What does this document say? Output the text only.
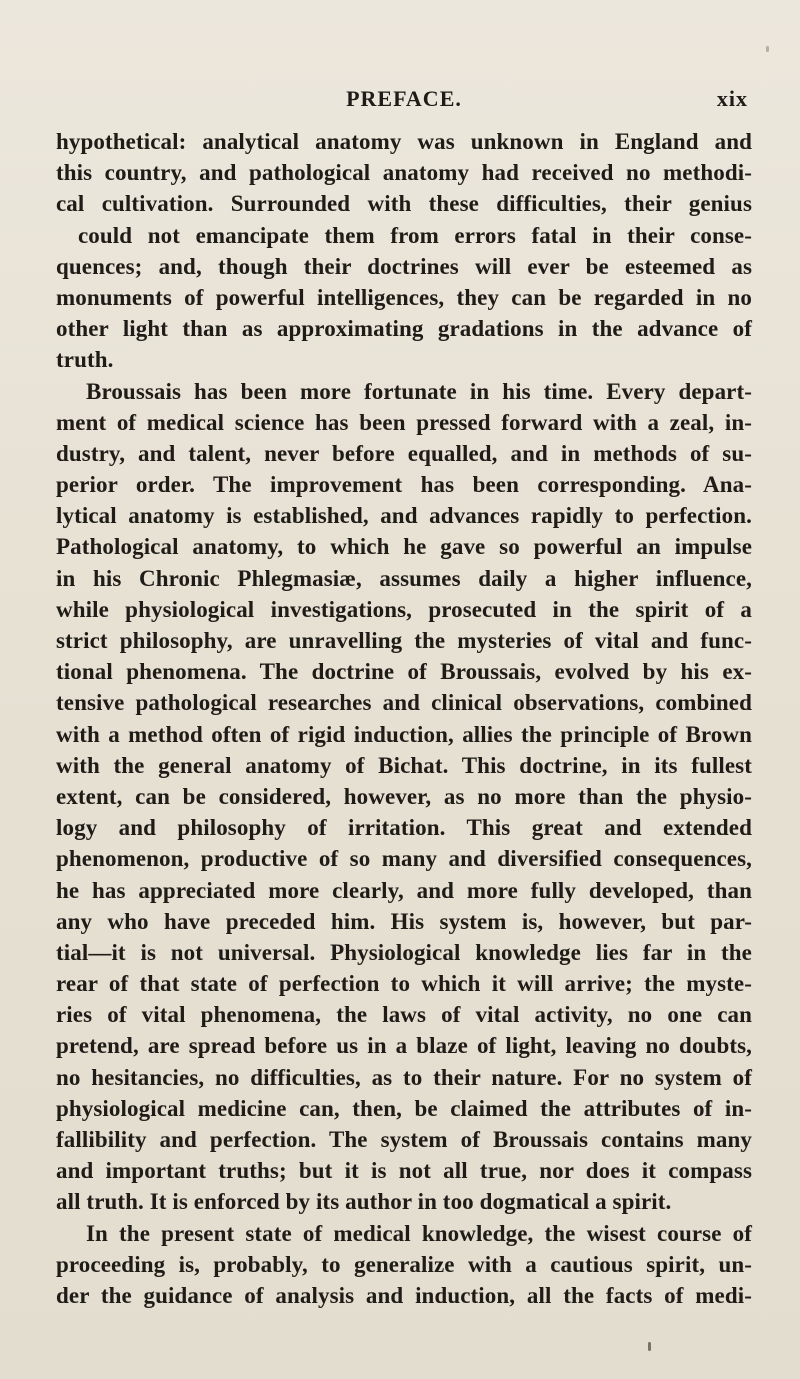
PREFACE.	xix
hypothetical: analytical anatomy was unknown in England and
this country, and pathological anatomy had received no methodi-
cal cultivation. Surrounded with these difficulties, their genius
could not emancipate them from errors fatal in their conse-
quences; and, though their doctrines will ever be esteemed as
monuments of powerful intelligences, they can be regarded in no
other light than as approximating gradations in the advance of
truth.
Broussais has been more fortunate in his time. Every depart-
ment of medical science has been pressed forward with a zeal, in-
dustry, and talent, never before equalled, and in methods of su-
perior order. The improvement has been corresponding. Ana-
lytical anatomy is established, and advances rapidly to perfection.
Pathological anatomy, to which he gave so powerful an impulse
in his Chronic Phlegmasiæ, assumes daily a higher influence,
while physiological investigations, prosecuted in the spirit of a
strict philosophy, are unravelling the mysteries of vital and func-
tional phenomena. The doctrine of Broussais, evolved by his ex-
tensive pathological researches and clinical observations, combined
with a method often of rigid induction, allies the principle of Brown
with the general anatomy of Bichat. This doctrine, in its fullest
extent, can be considered, however, as no more than the physio-
logy and philosophy of irritation. This great and extended
phenomenon, productive of so many and diversified consequences,
he has appreciated more clearly, and more fully developed, than
any who have preceded him. His system is, however, but par-
tial—it is not universal. Physiological knowledge lies far in the
rear of that state of perfection to which it will arrive; the myste-
ries of vital phenomena, the laws of vital activity, no one can
pretend, are spread before us in a blaze of light, leaving no doubts,
no hesitancies, no difficulties, as to their nature. For no system of
physiological medicine can, then, be claimed the attributes of in-
fallibility and perfection. The system of Broussais contains many
and important truths; but it is not all true, nor does it compass
all truth. It is enforced by its author in too dogmatical a spirit.
In the present state of medical knowledge, the wisest course of
proceeding is, probably, to generalize with a cautious spirit, un-
der the guidance of analysis and induction, all the facts of medi-
